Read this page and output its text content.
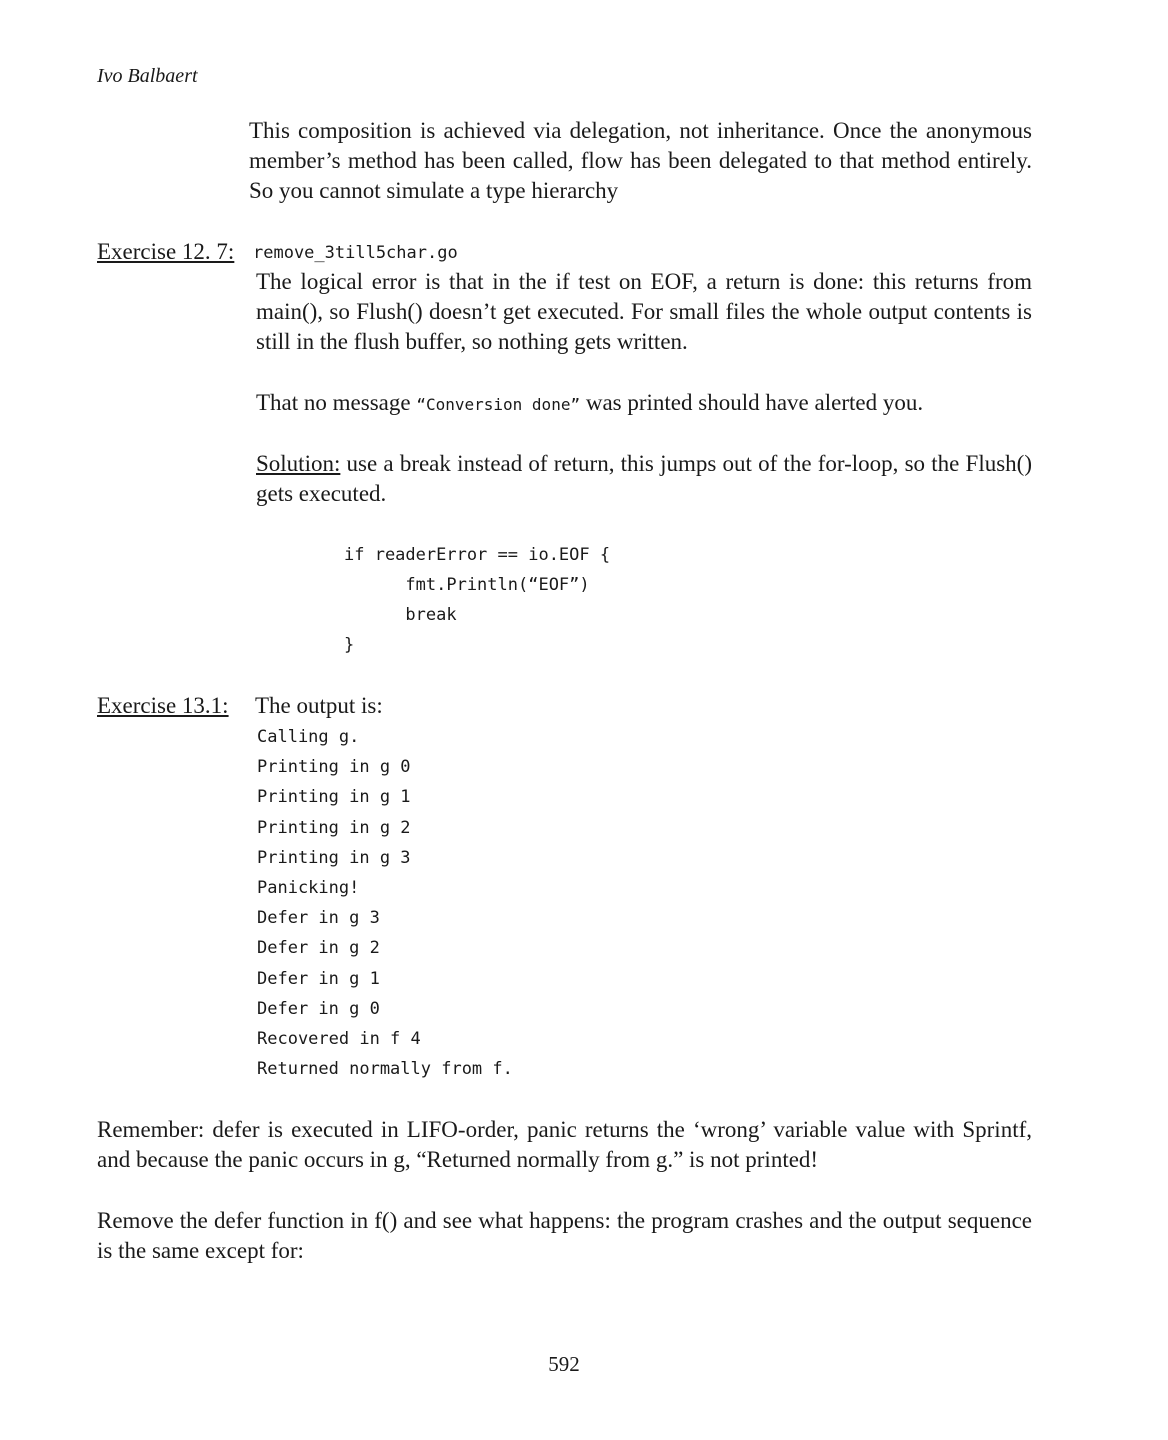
Ivo Balbaert
This composition is achieved via delegation, not inheritance. Once the anonymous member’s method has been called, flow has been delegated to that method entirely. So you cannot simulate a type hierarchy
Exercise 12. 7: remove_3till5char.go
The logical error is that in the if test on EOF, a return is done: this returns from main(), so Flush() doesn’t get executed. For small files the whole output contents is still in the flush buffer, so nothing gets written.
That no message “Conversion done” was printed should have alerted you.
Solution: use a break instead of return, this jumps out of the for-loop, so the Flush() gets executed.
if readerError == io.EOF {
fmt.Println(“EOF”)
break
}
Exercise 13.1: The output is:
Calling g.
Printing in g 0
Printing in g 1
Printing in g 2
Printing in g 3
Panicking!
Defer in g 3
Defer in g 2
Defer in g 1
Defer in g 0
Recovered in f 4
Returned normally from f.
Remember: defer is executed in LIFO-order, panic returns the ‘wrong’ variable value with Sprintf, and because the panic occurs in g, “Returned normally from g.” is not printed!
Remove the defer function in f() and see what happens: the program crashes and the output sequence is the same except for:
592
